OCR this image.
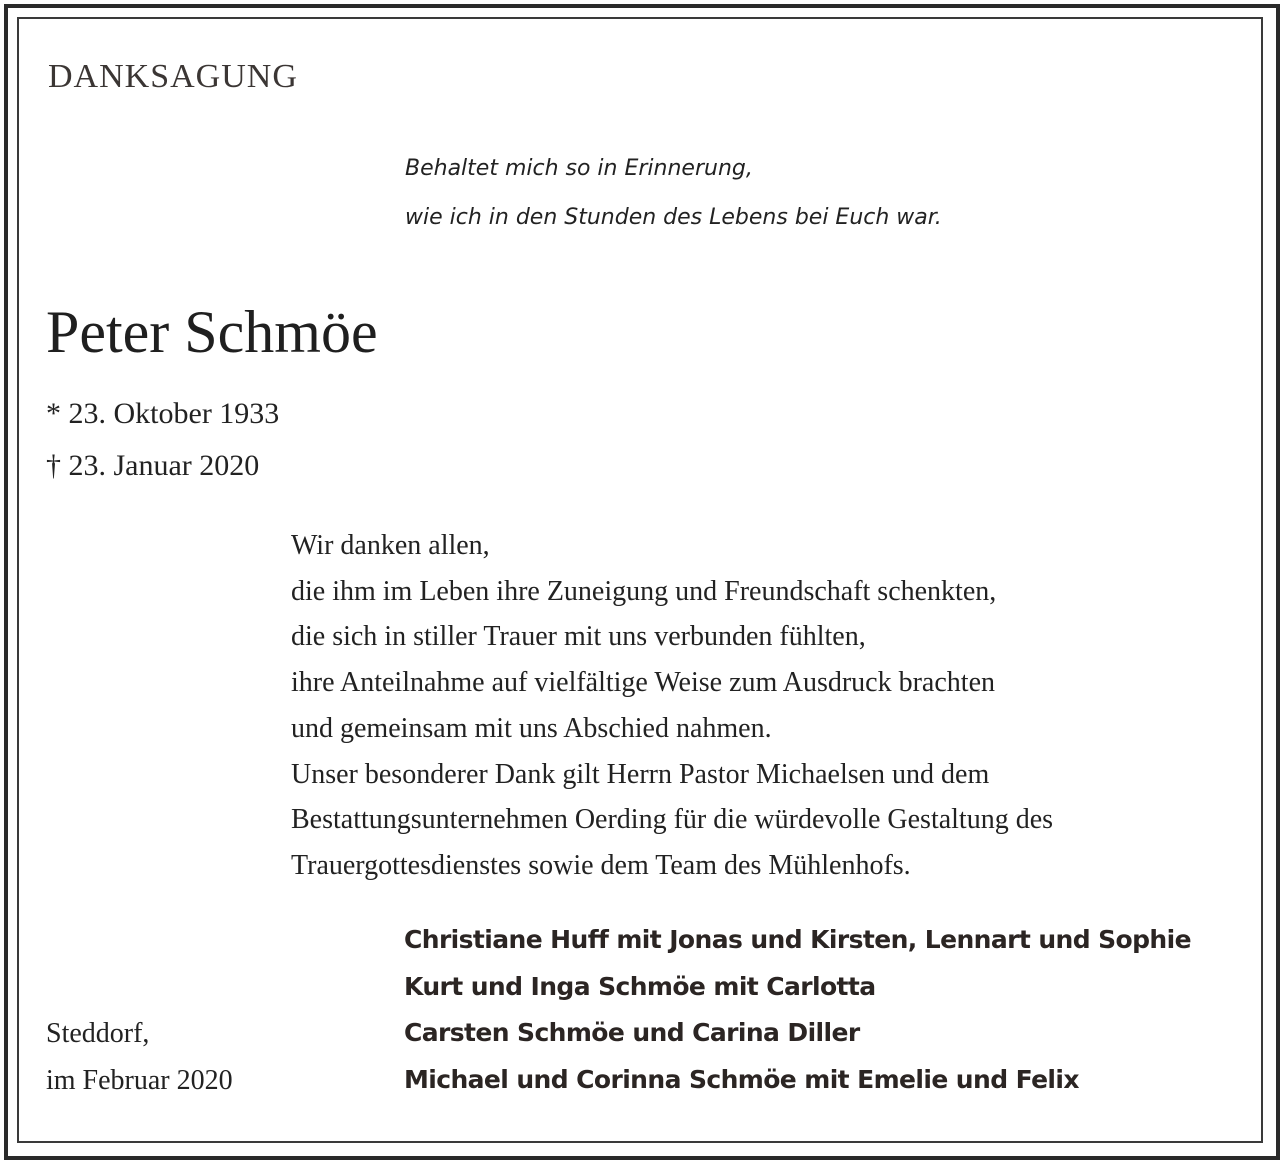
DANKSAGUNG
Behaltet mich so in Erinnerung,
wie ich in den Stunden des Lebens bei Euch war.
Peter Schmöe
* 23. Oktober 1933
† 23. Januar 2020
Wir danken allen,
die ihm im Leben ihre Zuneigung und Freundschaft schenkten,
die sich in stiller Trauer mit uns verbunden fühlten,
ihre Anteilnahme auf vielfältige Weise zum Ausdruck brachten
und gemeinsam mit uns Abschied nahmen.
Unser besonderer Dank gilt Herrn Pastor Michaelsen und dem
Bestattungsunternehmen Oerding für die würdevolle Gestaltung des
Trauergottesdienstes sowie dem Team des Mühlenhofs.
Steddorf,
im Februar 2020
Christiane Huff mit Jonas und Kirsten, Lennart und Sophie
Kurt und Inga Schmöe mit Carlotta
Carsten Schmöe und Carina Diller
Michael und Corinna Schmöe mit Emelie und Felix
